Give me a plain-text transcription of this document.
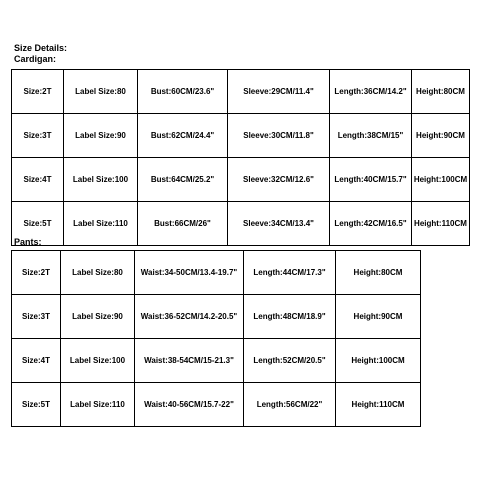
Size Details:
Cardigan:
Size:2T	Label Size:80	Bust:60CM/23.6"	Sleeve:29CM/11.4"	Length:36CM/14.2"	Height:80CM
Size:3T	Label Size:90	Bust:62CM/24.4"	Sleeve:30CM/11.8"	Length:38CM/15"	Height:90CM
Size:4T	Label Size:100	Bust:64CM/25.2"	Sleeve:32CM/12.6"	Length:40CM/15.7"	Height:100CM
Size:5T	Label Size:110	Bust:66CM/26"	Sleeve:34CM/13.4"	Length:42CM/16.5"	Height:110CM
Pants:
Size:2T	Label Size:80	Waist:34-50CM/13.4-19.7"	Length:44CM/17.3"	Height:80CM
Size:3T	Label Size:90	Waist:36-52CM/14.2-20.5"	Length:48CM/18.9"	Height:90CM
Size:4T	Label Size:100	Waist:38-54CM/15-21.3"	Length:52CM/20.5"	Height:100CM
Size:5T	Label Size:110	Waist:40-56CM/15.7-22"	Length:56CM/22"	Height:110CM
